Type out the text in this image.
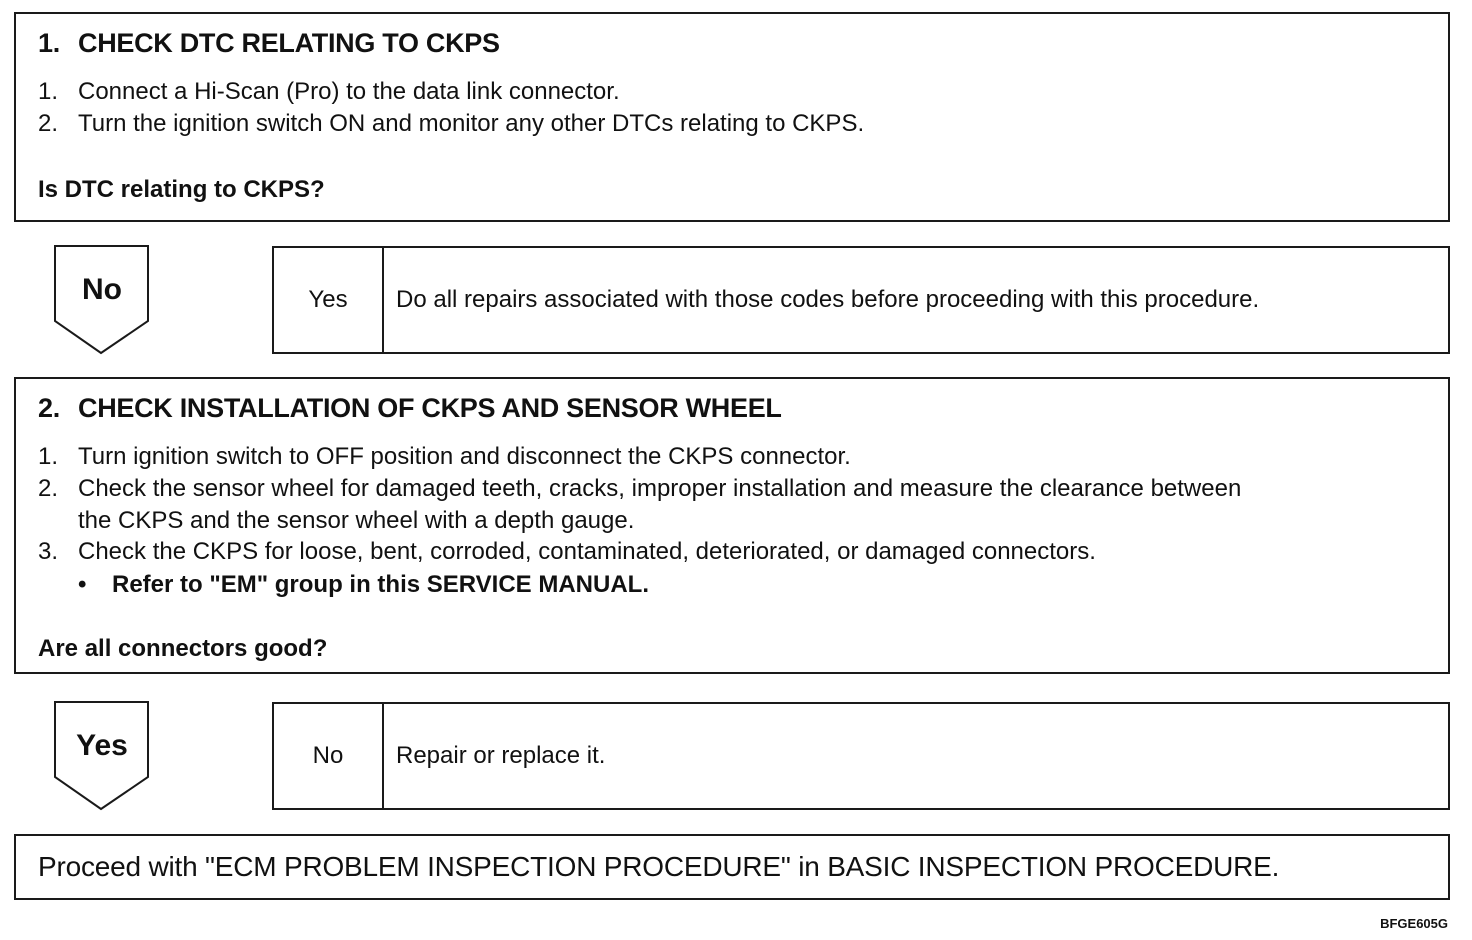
1. CHECK DTC RELATING TO CKPS
1. Connect a Hi-Scan (Pro) to the data link connector.
2. Turn the ignition switch ON and monitor any other DTCs relating to CKPS.
Is DTC relating to CKPS?
No	Yes	Do all repairs associated with those codes before proceeding with this procedure.
2. CHECK INSTALLATION OF CKPS AND SENSOR WHEEL
1. Turn ignition switch to OFF position and disconnect the CKPS connector.
2. Check the sensor wheel for damaged teeth, cracks, improper installation and measure the clearance between
the CKPS and the sensor wheel with a depth gauge.
3. Check the CKPS for loose, bent, corroded, contaminated, deteriorated, or damaged connectors.
• Refer to "EM" group in this SERVICE MANUAL.
Are all connectors good?
Yes	No	Repair or replace it.
Proceed with "ECM PROBLEM INSPECTION PROCEDURE" in BASIC INSPECTION PROCEDURE.
BFGE605G
